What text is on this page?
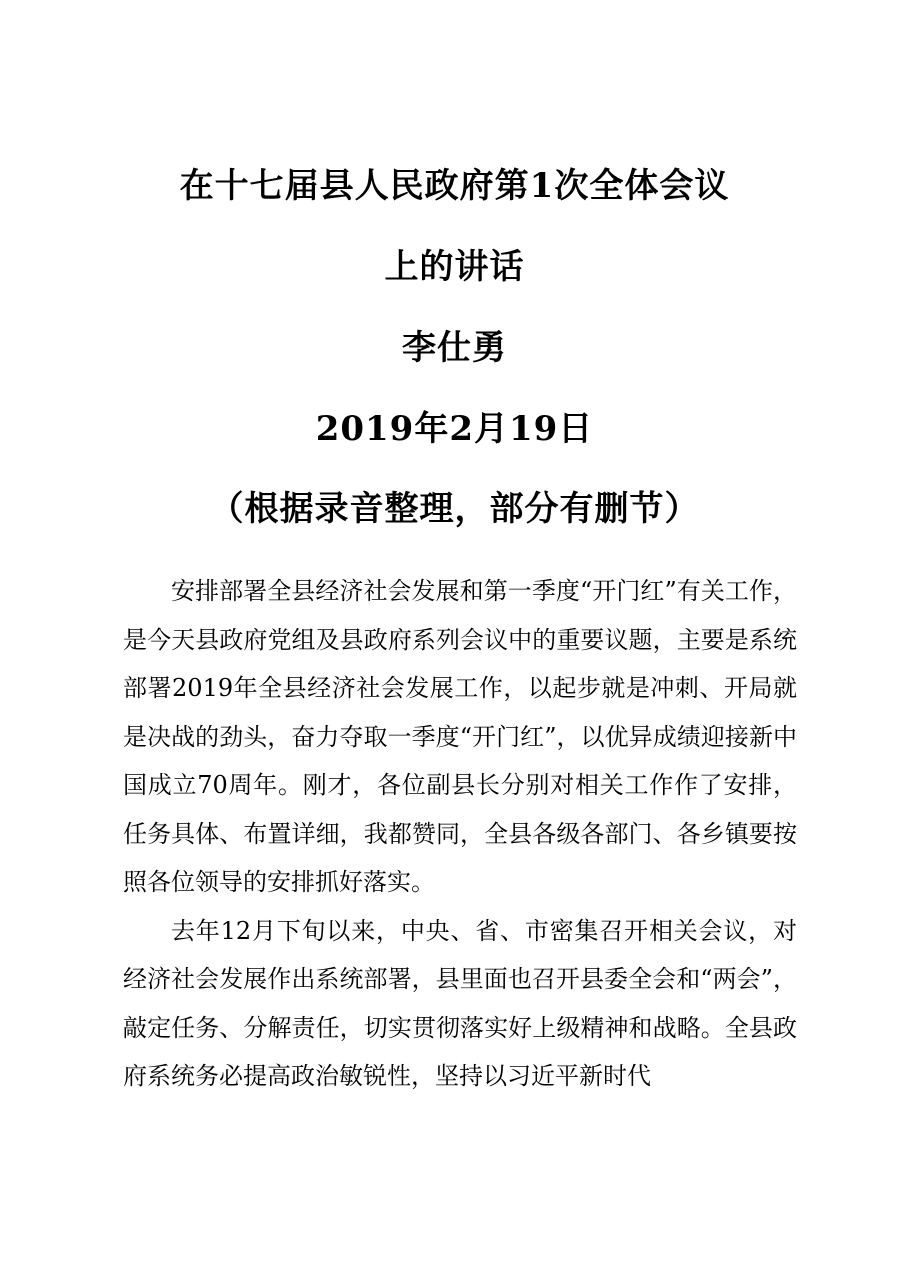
在十七届县人民政府第1次全体会议
上的讲话
李仕勇
2019年2月19日
（根据录音整理，部分有删节）

安排部署全县经济社会发展和第一季度“开门红”有关工作，是今天县政府党组及县政府系列会议中的重要议题，主要是系统部署2019年全县经济社会发展工作，以起步就是冲刺、开局就是决战的劲头，奋力夺取一季度“开门红”，以优异成绩迎接新中国成立70周年。刚才，各位副县长分别对相关工作作了安排，任务具体、布置详细，我都赞同，全县各级各部门、各乡镇要按照各位领导的安排抓好落实。

去年12月下旬以来，中央、省、市密集召开相关会议，对经济社会发展作出系统部署，县里面也召开县委全会和“两会”，敲定任务、分解责任，切实贯彻落实好上级精神和战略。全县政府系统务必提高政治敏锐性，坚持以习近平新时代
